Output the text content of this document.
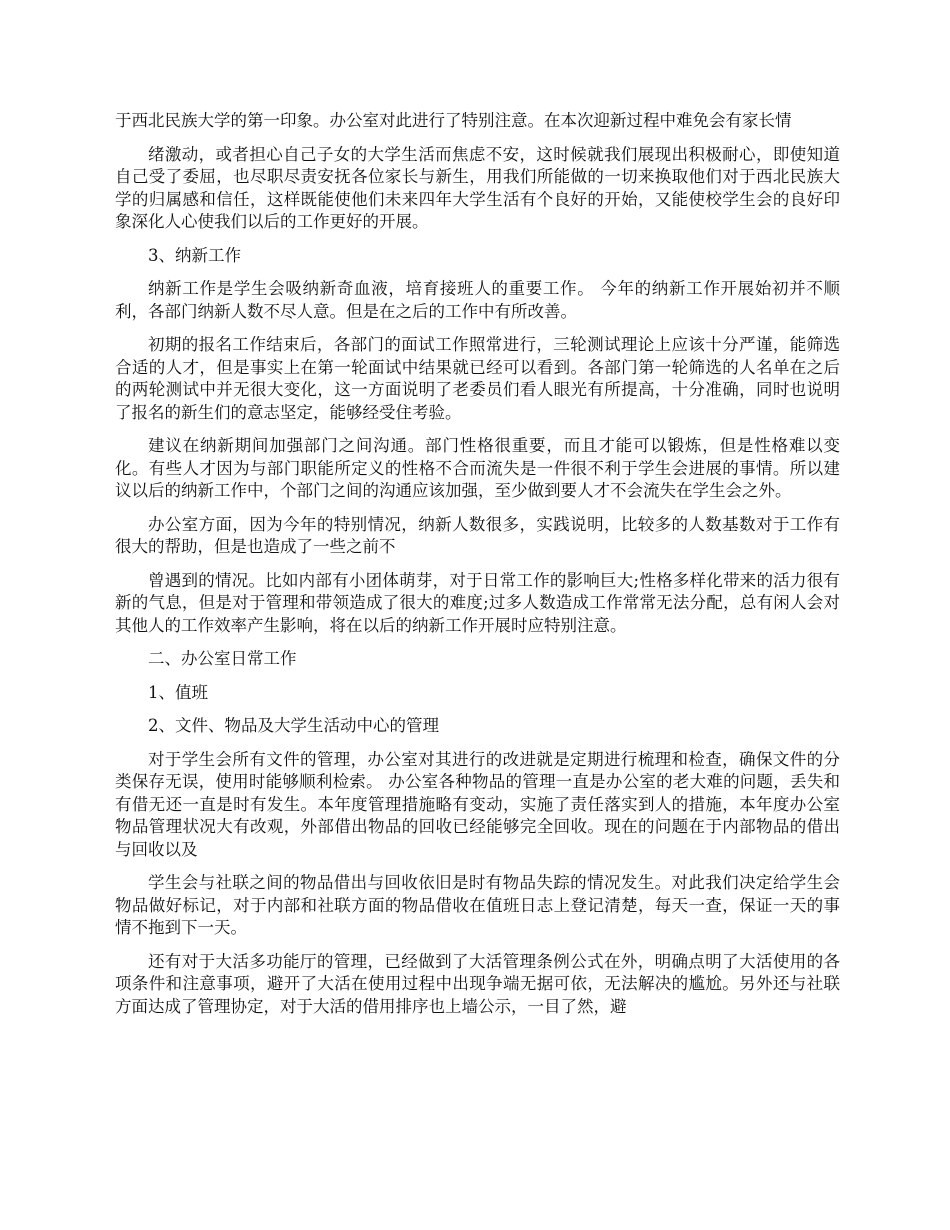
于西北民族大学的第一印象。办公室对此进行了特别注意。在本次迎新过程中难免会有家长情

绪激动，或者担心自己子女的大学生活而焦虑不安，这时候就我们展现出积极耐心，即使知道自己受了委屈，也尽职尽责安抚各位家长与新生，用我们所能做的一切来换取他们对于西北民族大学的归属感和信任，这样既能使他们未来四年大学生活有个良好的开始，又能使校学生会的良好印象深化人心使我们以后的工作更好的开展。

3、纳新工作

纳新工作是学生会吸纳新奇血液，培育接班人的重要工作。 今年的纳新工作开展始初并不顺利，各部门纳新人数不尽人意。但是在之后的工作中有所改善。

初期的报名工作结束后，各部门的面试工作照常进行，三轮测试理论上应该十分严谨，能筛选合适的人才，但是事实上在第一轮面试中结果就已经可以看到。各部门第一轮筛选的人名单在之后的两轮测试中并无很大变化，这一方面说明了老委员们看人眼光有所提高，十分准确，同时也说明了报名的新生们的意志坚定，能够经受住考验。

建议在纳新期间加强部门之间沟通。部门性格很重要，而且才能可以锻炼，但是性格难以变化。有些人才因为与部门职能所定义的性格不合而流失是一件很不利于学生会进展的事情。所以建议以后的纳新工作中，个部门之间的沟通应该加强，至少做到要人才不会流失在学生会之外。

办公室方面，因为今年的特别情况，纳新人数很多，实践说明，比较多的人数基数对于工作有很大的帮助，但是也造成了一些之前不

曾遇到的情况。比如内部有小团体萌芽，对于日常工作的影响巨大;性格多样化带来的活力很有新的气息，但是对于管理和带领造成了很大的难度;过多人数造成工作常常无法分配，总有闲人会对其他人的工作效率产生影响，将在以后的纳新工作开展时应特别注意。

二、办公室日常工作

1、值班

2、文件、物品及大学生活动中心的管理

对于学生会所有文件的管理，办公室对其进行的改进就是定期进行梳理和检查，确保文件的分类保存无误，使用时能够顺利检索。 办公室各种物品的管理一直是办公室的老大难的问题，丢失和有借无还一直是时有发生。本年度管理措施略有变动，实施了责任落实到人的措施，本年度办公室物品管理状况大有改观，外部借出物品的回收已经能够完全回收。现在的问题在于内部物品的借出与回收以及

学生会与社联之间的物品借出与回收依旧是时有物品失踪的情况发生。对此我们决定给学生会物品做好标记，对于内部和社联方面的物品借收在值班日志上登记清楚，每天一查，保证一天的事情不拖到下一天。

还有对于大活多功能厅的管理，已经做到了大活管理条例公式在外，明确点明了大活使用的各项条件和注意事项，避开了大活在使用过程中出现争端无据可依，无法解决的尴尬。另外还与社联方面达成了管理协定，对于大活的借用排序也上墙公示，一目了然，避
